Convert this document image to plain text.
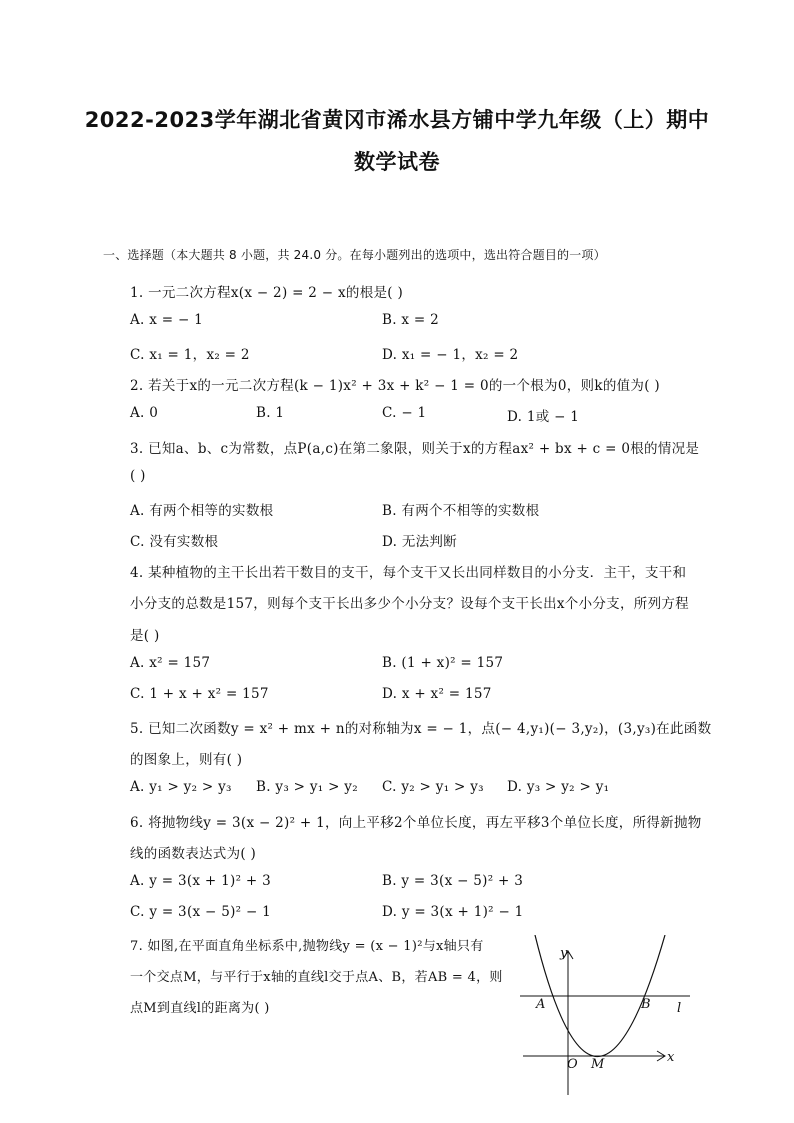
2022-2023学年湖北省黄冈市浠水县方铺中学九年级（上）期中
数学试卷
一、选择题（本大题共 8 小题，共 24.0 分。在每小题列出的选项中，选出符合题目的一项）
1. 一元二次方程x(x − 2) = 2 − x的根是( )
A. x = − 1	B. x = 2
C. x₁ = 1，x₂ = 2	D. x₁ = − 1，x₂ = 2
2. 若关于x的一元二次方程(k − 1)x² + 3x + k² − 1 = 0的一个根为0，则k的值为( )
A. 0	B. 1	C. − 1	D. 1或 − 1
3. 已知a、b、c为常数，点P(a,c)在第二象限，则关于x的方程ax² + bx + c = 0根的情况是
( )
A. 有两个相等的实数根	B. 有两个不相等的实数根
C. 没有实数根	D. 无法判断
4. 某种植物的主干长出若干数目的支干，每个支干又长出同样数目的小分支．主干，支干和
小分支的总数是157，则每个支干长出多少个小分支？设每个支干长出x个小分支，所列方程
是( )
A. x² = 157	B. (1 + x)² = 157
C. 1 + x + x² = 157	D. x + x² = 157
5. 已知二次函数y = x² + mx + n的对称轴为x = − 1，点(− 4,y₁)(− 3,y₂)，(3,y₃)在此函数
的图象上，则有( )
A. y₁ > y₂ > y₃ B. y₃ > y₁ > y₂ C. y₂ > y₁ > y₃ D. y₃ > y₂ > y₁
6. 将抛物线y = 3(x − 2)² + 1，向上平移2个单位长度，再左平移3个单位长度，所得新抛物
线的函数表达式为( )
A. y = 3(x + 1)² + 3	B. y = 3(x − 5)² + 3
C. y = 3(x − 5)² − 1	D. y = 3(x + 1)² − 1
7. 如图,在平面直角坐标系中,抛物线y = (x − 1)²与x轴只有
一个交点M，与平行于x轴的直线l交于点A、B，若AB = 4，则
点M到直线l的距离为( )
y
x
A	B l
O M
